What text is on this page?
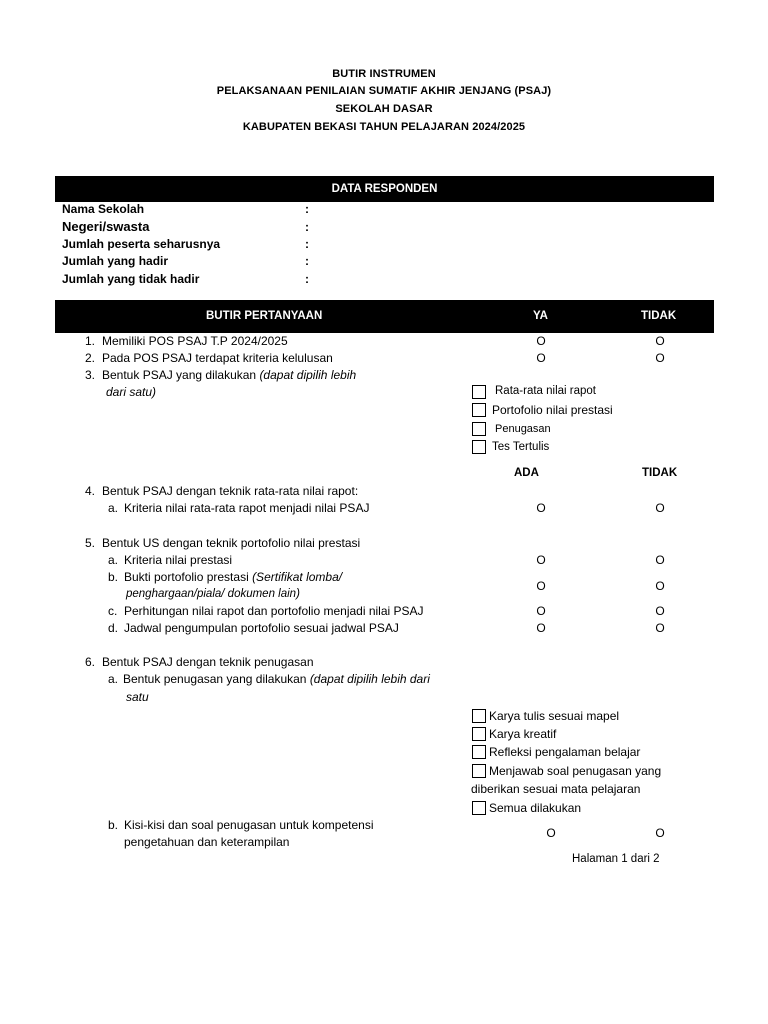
BUTIR INSTRUMEN
PELAKSANAAN PENILAIAN SUMATIF AKHIR JENJANG (PSAJ)
SEKOLAH DASAR
KABUPATEN BEKASI TAHUN PELAJARAN 2024/2025
DATA RESPONDEN
Nama Sekolah	:
Negeri/swasta	:
Jumlah peserta seharusnya	:
Jumlah yang hadir	:
Jumlah yang tidak hadir	:
BUTIR PERTANYAAN	YA	TIDAK
1. Memiliki POS PSAJ T.P 2024/2025	O	O
2. Pada POS PSAJ terdapat kriteria kelulusan	O	O
3. Bentuk PSAJ yang dilakukan (dapat dipilih lebih
dari satu)	Rata-rata nilai rapot
Portofolio nilai prestasi
Penugasan
Tes Tertulis
ADA	TIDAK
4. Bentuk PSAJ dengan teknik rata-rata nilai rapot:
a. Kriteria nilai rata-rata rapot menjadi nilai PSAJ	O	O
5. Bentuk US dengan teknik portofolio nilai prestasi
a. Kriteria nilai prestasi	O	O
b. Bukti portofolio prestasi (Sertifikat lomba/
penghargaan/piala/ dokumen lain)
O	O
c. Perhitungan nilai rapot dan portofolio menjadi nilai PSAJ	O	O
d. Jadwal pengumpulan portofolio sesuai jadwal PSAJ	O	O
6. Bentuk PSAJ dengan teknik penugasan
a. Bentuk penugasan yang dilakukan (dapat dipilih lebih dari
satu
Karya tulis sesuai mapel
Karya kreatif
Refleksi pengalaman belajar
Menjawab soal penugasan yang
diberikan sesuai mata pelajaran
Semua dilakukan
b. Kisi-kisi dan soal penugasan untuk kompetensi
pengetahuan dan keterampilan
O	O
Halaman 1 dari 2
